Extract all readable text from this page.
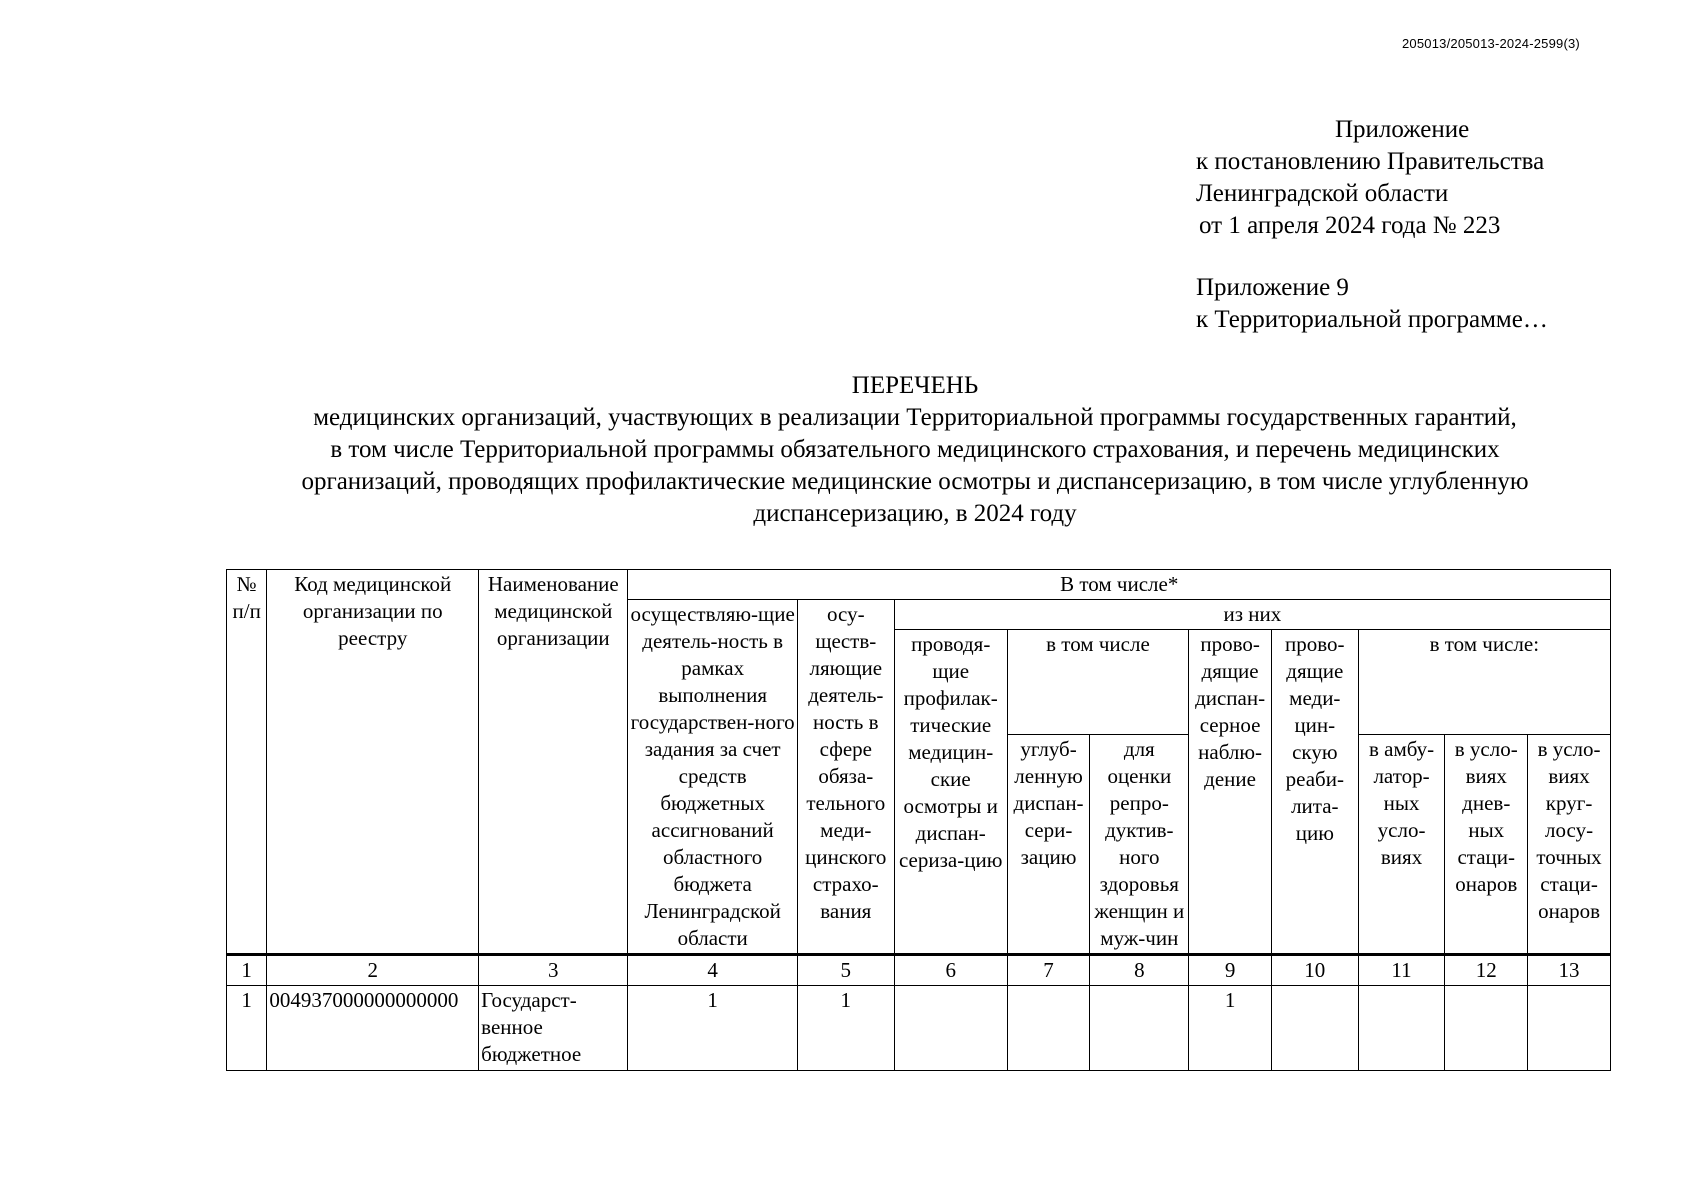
205013/205013-2024-2599(3)
Приложение
к постановлению Правительства
Ленинградской области
от 1 апреля 2024 года № 223
Приложение 9
к Территориальной программе…
ПЕРЕЧЕНЬ
медицинских организаций, участвующих в реализации Территориальной программы государственных гарантий,
в том числе Территориальной программы обязательного медицинского страхования, и перечень медицинских
организаций, проводящих профилактические медицинские осмотры и диспансеризацию, в том числе углубленную
диспансеризацию, в 2024 году
№ п/п	Код медицинской организации по реестру	Наименование медицинской организации	В том числе*									
			осуществляю-щие деятель-ность в рамках выполнения государствен-ного задания за счет средств бюджетных ассигнований областного бюджета Ленинградской области	осу-щеcтв-ляющие деятель-ность в сфере обяза-тельного меди-цинского страхо-вания	из них							
					проводя-щие профилак-тические медицин-ские осмотры и диспан-сериза-цию	в том числе		прово-дящие диспан-серное наблю-дение	прово-дящие меди-цин-скую реаби-лита-цию	в том числе:		
						углуб-ленную диспан-сери-зацию	для оценки репро-дуктив-ного здоровья женщин и муж-чин			в амбу-латор-ных усло-виях	в усло-виях днев-ных стаци-онаров	в усло-виях круг-лосу-точных стаци-онаров
1	2	3	4	5	6	7	8	9	10	11	12	13
1	004937000000000000	Государст-венное бюджетное	1	1				1				
